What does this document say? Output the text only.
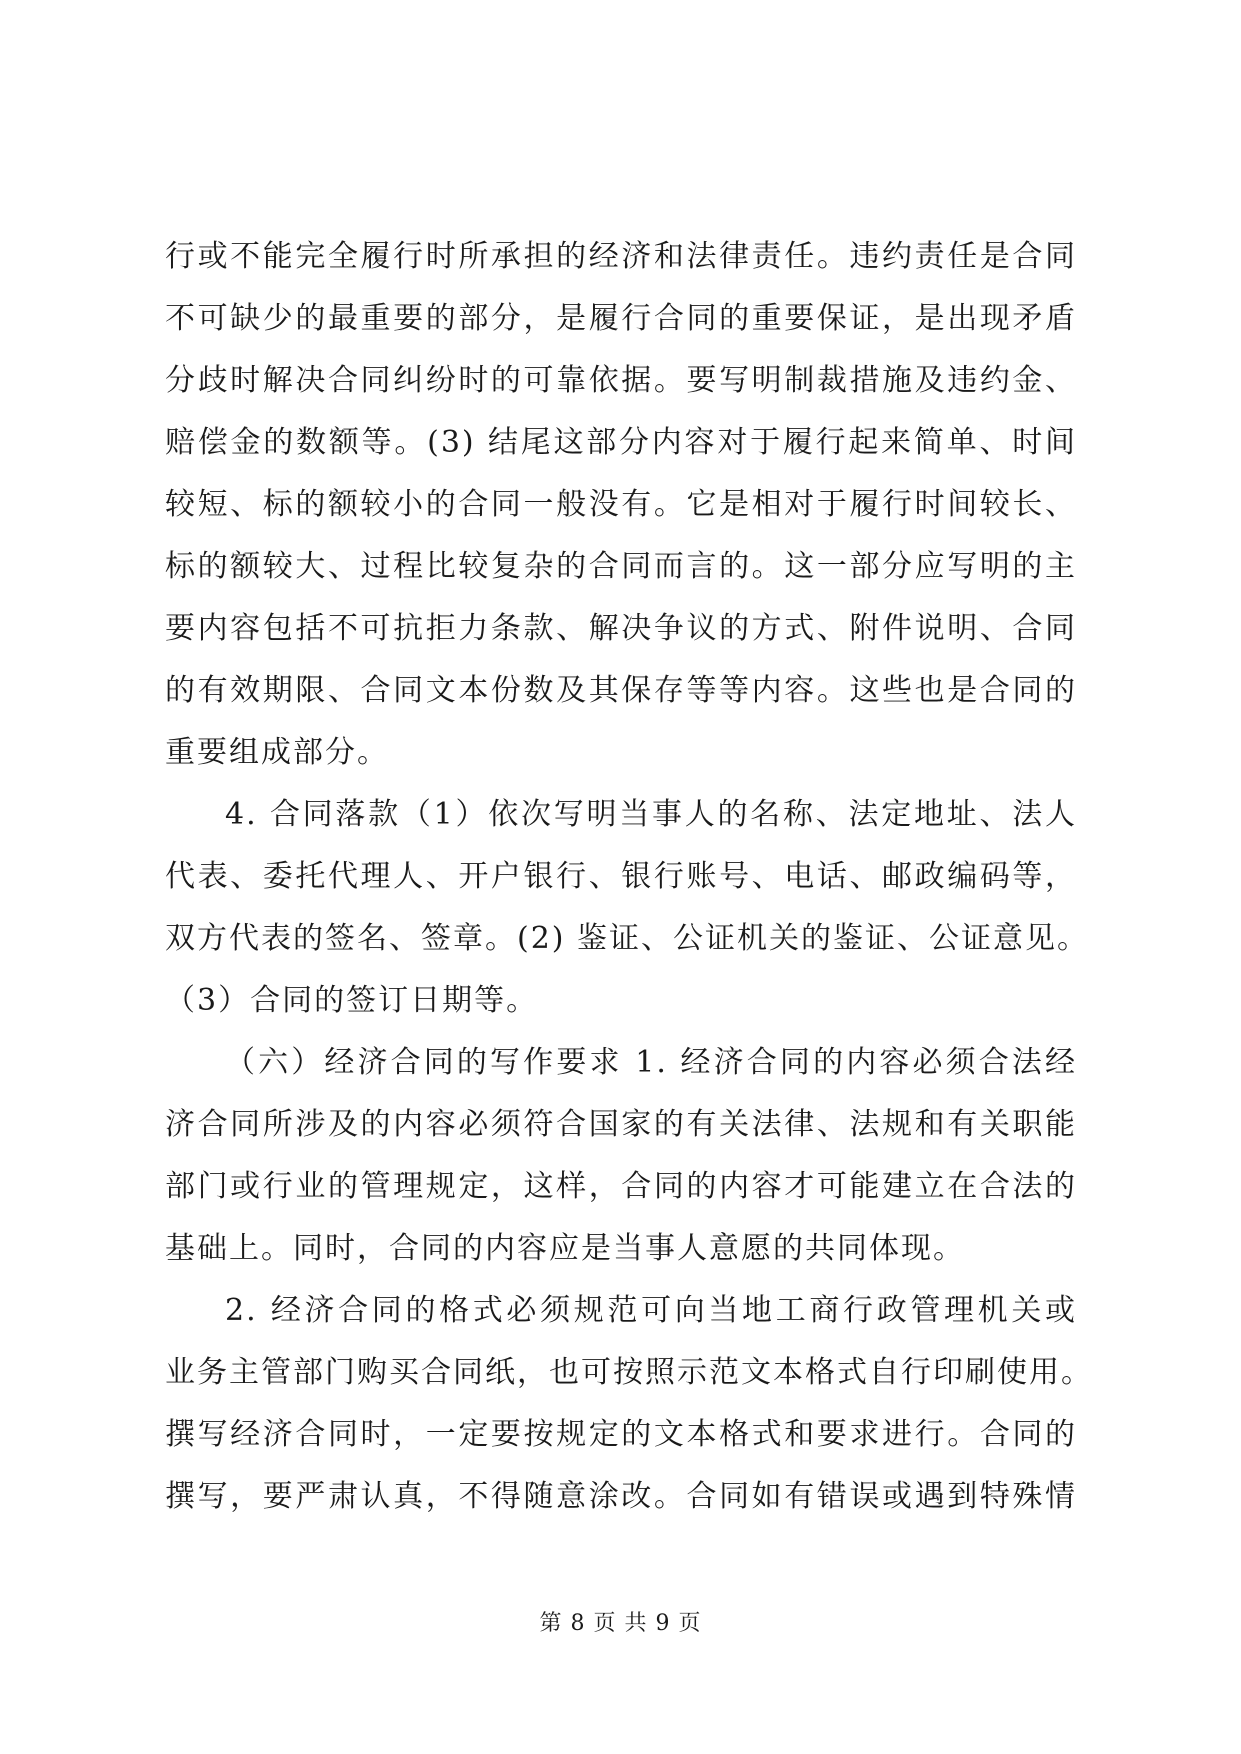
行或不能完全履行时所承担的经济和法律责任。违约责任是合同
不可缺少的最重要的部分，是履行合同的重要保证，是出现矛盾
分歧时解决合同纠纷时的可靠依据。要写明制裁措施及违约金、
赔偿金的数额等。(3) 结尾这部分内容对于履行起来简单、时间
较短、标的额较小的合同一般没有。它是相对于履行时间较长、
标的额较大、过程比较复杂的合同而言的。这一部分应写明的主
要内容包括不可抗拒力条款、解决争议的方式、附件说明、合同
的有效期限、合同文本份数及其保存等等内容。这些也是合同的
重要组成部分。
4. 合同落款（1）依次写明当事人的名称、法定地址、法人
代表、委托代理人、开户银行、银行账号、电话、邮政编码等，
双方代表的签名、签章。(2) 鉴证、公证机关的鉴证、公证意见。
（3）合同的签订日期等。
（六）经济合同的写作要求 1. 经济合同的内容必须合法经
济合同所涉及的内容必须符合国家的有关法律、法规和有关职能
部门或行业的管理规定，这样，合同的内容才可能建立在合法的
基础上。同时，合同的内容应是当事人意愿的共同体现。
2. 经济合同的格式必须规范可向当地工商行政管理机关或
业务主管部门购买合同纸，也可按照示范文本格式自行印刷使用。
撰写经济合同时，一定要按规定的文本格式和要求进行。合同的
撰写，要严肃认真，不得随意涂改。合同如有错误或遇到特殊情
第 8 页 共 9 页
